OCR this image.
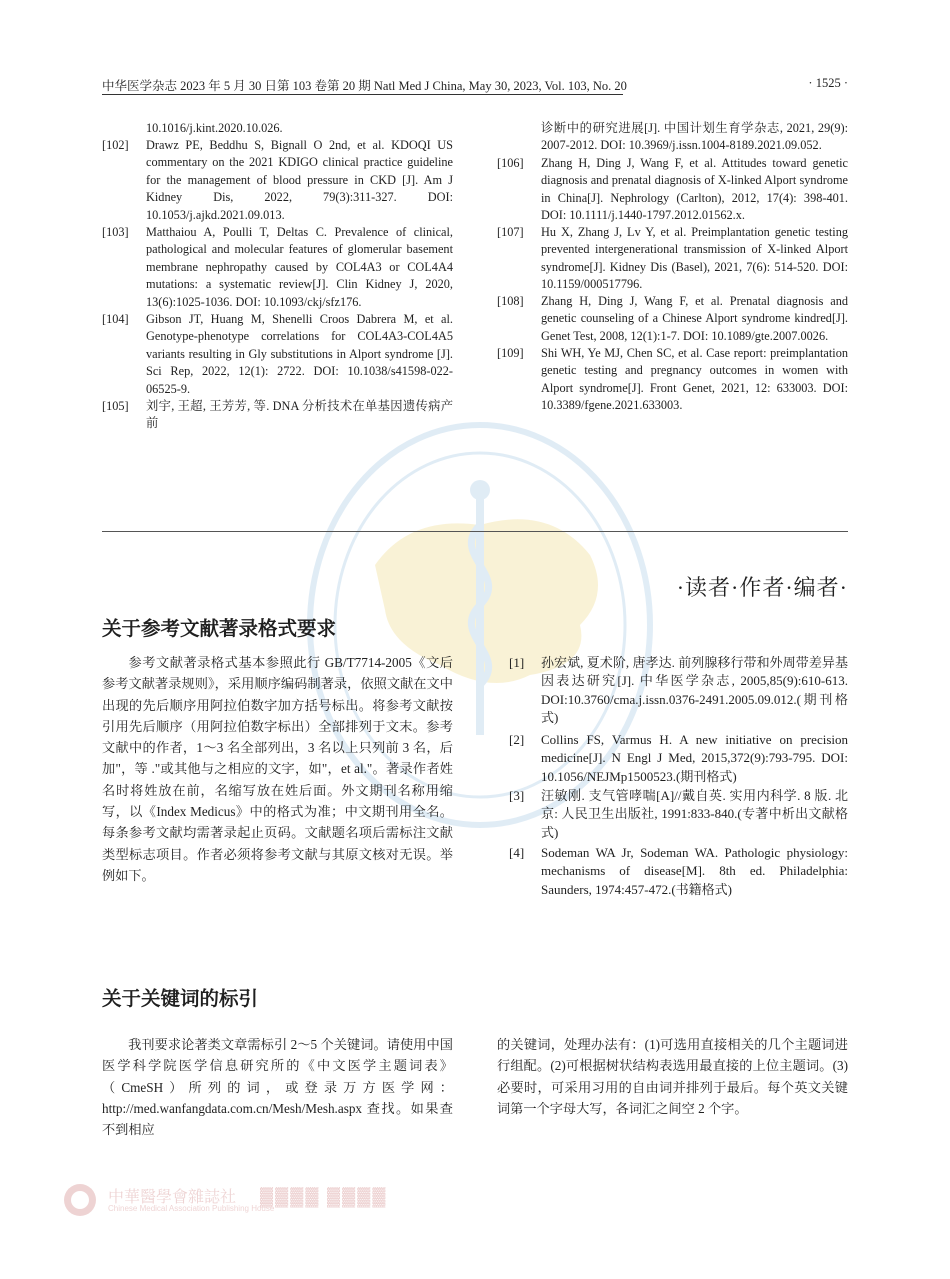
中华医学杂志 2023 年 5 月 30 日第 103 卷第 20 期 Natl Med J China, May 30, 2023, Vol. 103, No. 20	· 1525 ·
10.1016/j.kint.2020.10.026.
[102] Drawz PE, Beddhu S, Bignall O 2nd, et al. KDOQI US commentary on the 2021 KDIGO clinical practice guideline for the management of blood pressure in CKD [J]. Am J Kidney Dis, 2022, 79(3):311-327. DOI: 10.1053/j.ajkd.2021.09.013.
[103] Matthaiou A, Poulli T, Deltas C. Prevalence of clinical, pathological and molecular features of glomerular basement membrane nephropathy caused by COL4A3 or COL4A4 mutations: a systematic review[J]. Clin Kidney J, 2020, 13(6):1025-1036. DOI: 10.1093/ckj/sfz176.
[104] Gibson JT, Huang M, Shenelli Croos Dabrera M, et al. Genotype-phenotype correlations for COL4A3-COL4A5 variants resulting in Gly substitutions in Alport syndrome [J]. Sci Rep, 2022, 12(1): 2722. DOI: 10.1038/s41598-022-06525-9.
[105] 刘宇, 王超, 王芳芳, 等. DNA 分析技术在单基因遗传病产前
诊断中的研究进展[J]. 中国计划生育学杂志, 2021, 29(9): 2007-2012. DOI: 10.3969/j.issn.1004-8189.2021.09.052.
[106] Zhang H, Ding J, Wang F, et al. Attitudes toward genetic diagnosis and prenatal diagnosis of X-linked Alport syndrome in China[J]. Nephrology (Carlton), 2012, 17(4): 398-401. DOI: 10.1111/j.1440-1797.2012.01562.x.
[107] Hu X, Zhang J, Lv Y, et al. Preimplantation genetic testing prevented intergenerational transmission of X-linked Alport syndrome[J]. Kidney Dis (Basel), 2021, 7(6): 514-520. DOI: 10.1159/000517796.
[108] Zhang H, Ding J, Wang F, et al. Prenatal diagnosis and genetic counseling of a Chinese Alport syndrome kindred[J]. Genet Test, 2008, 12(1):1-7. DOI: 10.1089/gte.2007.0026.
[109] Shi WH, Ye MJ, Chen SC, et al. Case report: preimplantation genetic testing and pregnancy outcomes in women with Alport syndrome[J]. Front Genet, 2021, 12: 633003. DOI: 10.3389/fgene.2021.633003.
·读者·作者·编者·
关于参考文献著录格式要求
参考文献著录格式基本参照此行 GB/T7714-2005《文后参考文献著录规则》，采用顺序编码制著录，依照文献在文中出现的先后顺序用阿拉伯数字加方括号标出。将参考文献按引用先后顺序（用阿拉伯数字标出）全部排列于文末。参考文献中的作者，1～3 名全部列出，3 名以上只列前 3 名，后加"，等 ."或其他与之相应的文字，如"，et al."。著录作者姓名时将姓放在前，名缩写放在姓后面。外文期刊名称用缩写，以《Index Medicus》中的格式为准；中文期刊用全名。每条参考文献均需著录起止页码。文献题名项后需标注文献类型标志项目。作者必须将参考文献与其原文核对无误。举例如下。
[1] 孙宏斌, 夏术阶, 唐孝达. 前列腺移行带和外周带差异基因表达研究[J]. 中华医学杂志, 2005,85(9):610-613. DOI:10.3760/cma.j.issn.0376-2491.2005.09.012.(期刊格式)
[2] Collins FS, Varmus H. A new initiative on precision medicine[J]. N Engl J Med, 2015,372(9):793-795. DOI: 10.1056/NEJMp1500523.(期刊格式)
[3] 汪敏刚. 支气管哮喘[A]//戴自英. 实用内科学. 8 版. 北京: 人民卫生出版社, 1991:833-840.(专著中析出文献格式)
[4] Sodeman WA Jr, Sodeman WA. Pathologic physiology: mechanisms of disease[M]. 8th ed. Philadelphia: Saunders, 1974:457-472.(书籍格式)
关于关键词的标引
我刊要求论著类文章需标引 2～5 个关键词。请使用中国医学科学院医学信息研究所的《中文医学主题词表》（CmeSH）所列的词，或登录万方医学网：http://med.wanfangdata.com.cn/Mesh/Mesh.aspx 查找。如果查不到相应
的关键词，处理办法有：(1)可选用直接相关的几个主题词进行组配。(2)可根据树状结构表选用最直接的上位主题词。(3)必要时，可采用习用的自由词并排列于最后。每个英文关键词第一个字母大写，各词汇之间空 2 个字。
中華醫學會雜誌社
Chinese Medical Association Publishing House
▓▓▓▓ ▓▓▓▓
